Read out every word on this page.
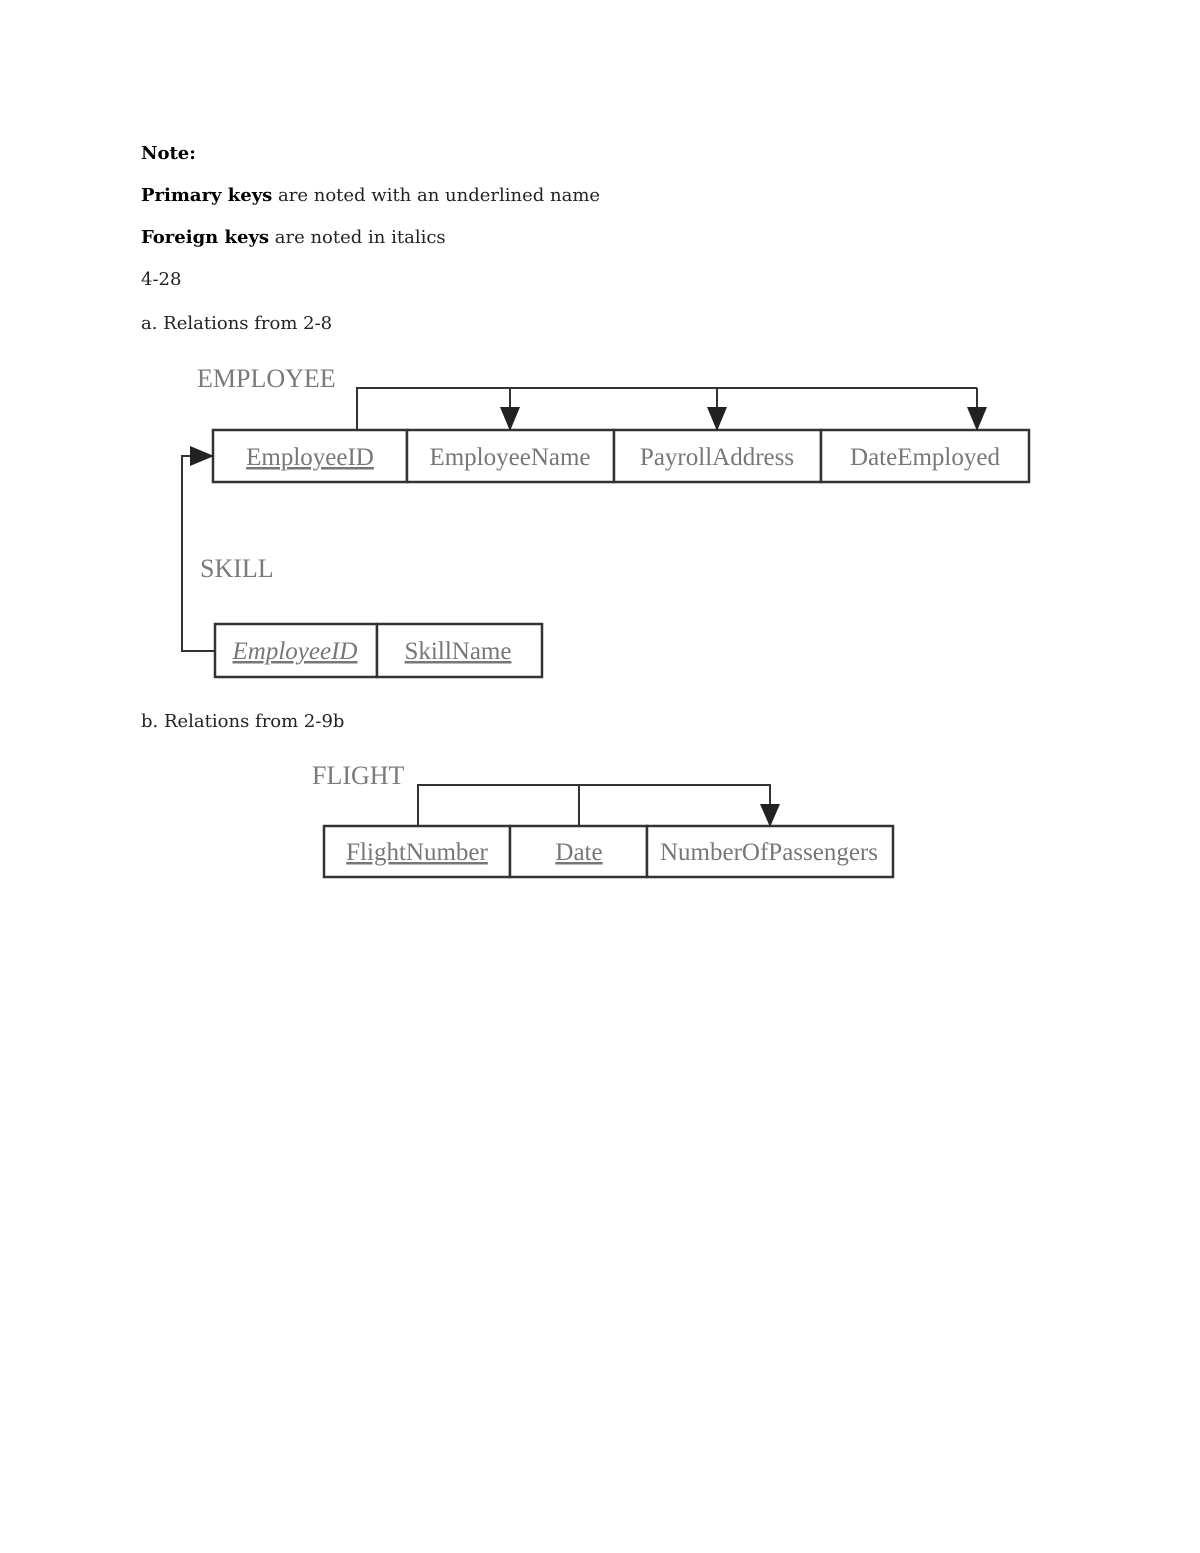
Note:
Primary keys are noted with an underlined name
Foreign keys are noted in italics
4-28
a. Relations from 2-8
b. Relations from 2-9b
EMPLOYEE
EmployeeID EmployeeName PayrollAddress DateEmployed
SKILL
EmployeeID SkillName
FLIGHT
FlightNumber	Date NumberOfPassengers
